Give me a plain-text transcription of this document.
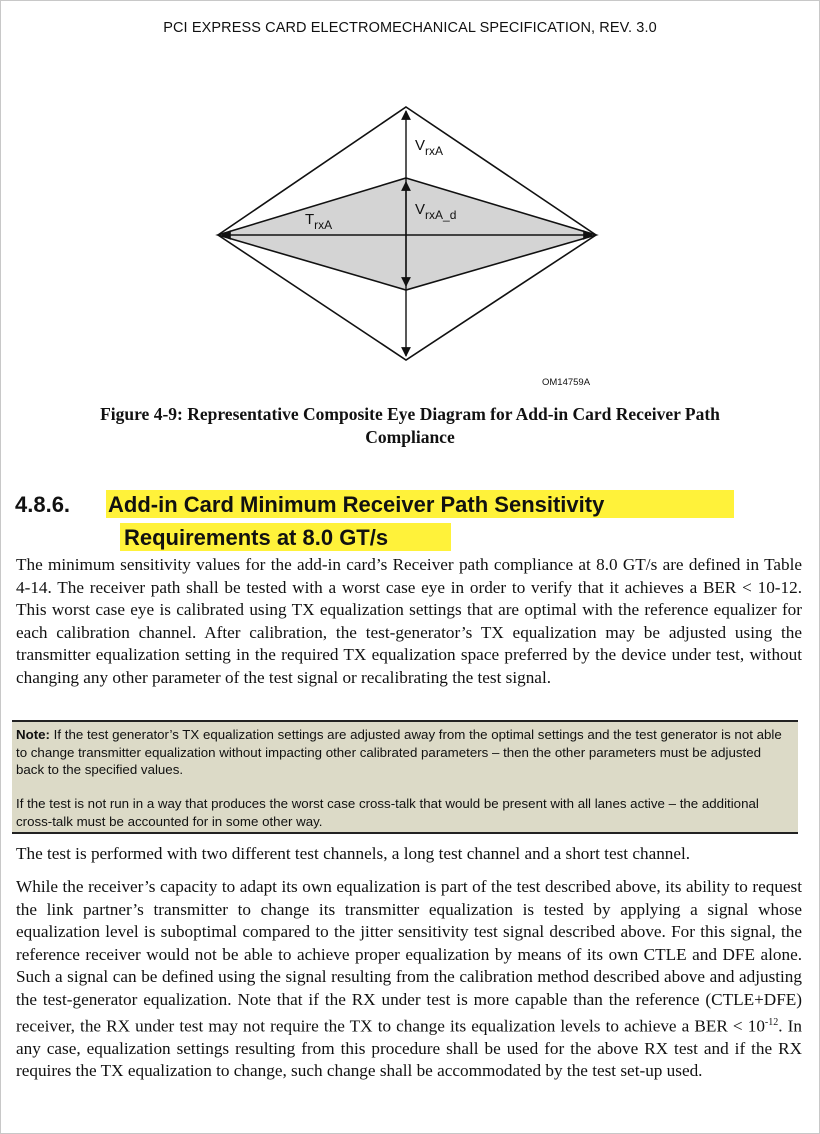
PCI EXPRESS CARD ELECTROMECHANICAL SPECIFICATION, REV. 3.0
$V_{rxA}$
$V_{rxA\_d}$
$T_{rxA}$
OM14759A
Figure 4-9: Representative Composite Eye Diagram for Add-in Card Receiver Path
Compliance
4.8.6. Add-in Card Minimum Receiver Path Sensitivity
Requirements at 8.0 GT/s

The minimum sensitivity values for the add-in card’s Receiver path compliance at 8.0 GT/s are defined in Table 4-14. The receiver path shall be tested with a worst case eye in order to verify that it achieves a BER < 10-12. This worst case eye is calibrated using TX equalization settings that are optimal with the reference equalizer for each calibration channel. After calibration, the test-generator’s TX equalization may be adjusted using the transmitter equalization setting in the required TX equalization space preferred by the device under test, without changing any other parameter of the test signal or recalibrating the test signal.

Note: If the test generator’s TX equalization settings are adjusted away from the optimal settings and the test generator is not able to change transmitter equalization without impacting other calibrated parameters – then the other parameters must be adjusted back to the specified values.

If the test is not run in a way that produces the worst case cross-talk that would be present with all lanes active – the additional cross-talk must be accounted for in some other way.

The test is performed with two different test channels, a long test channel and a short test channel.

While the receiver’s capacity to adapt its own equalization is part of the test described above, its ability to request the link partner’s transmitter to change its transmitter equalization is tested by applying a signal whose equalization level is suboptimal compared to the jitter sensitivity test signal described above. For this signal, the reference receiver would not be able to achieve proper equalization by means of its own CTLE and DFE alone. Such a signal can be defined using the signal resulting from the calibration method described above and adjusting the test-generator equalization. Note that if the RX under test is more capable than the reference (CTLE+DFE) receiver, the RX under test may not require the TX to change its equalization levels to achieve a BER < $10^{-12}$. In any case, equalization settings resulting from this procedure shall be used for the above RX test and if the RX requires the TX equalization to change, such change shall be accommodated by the test set-up used.
